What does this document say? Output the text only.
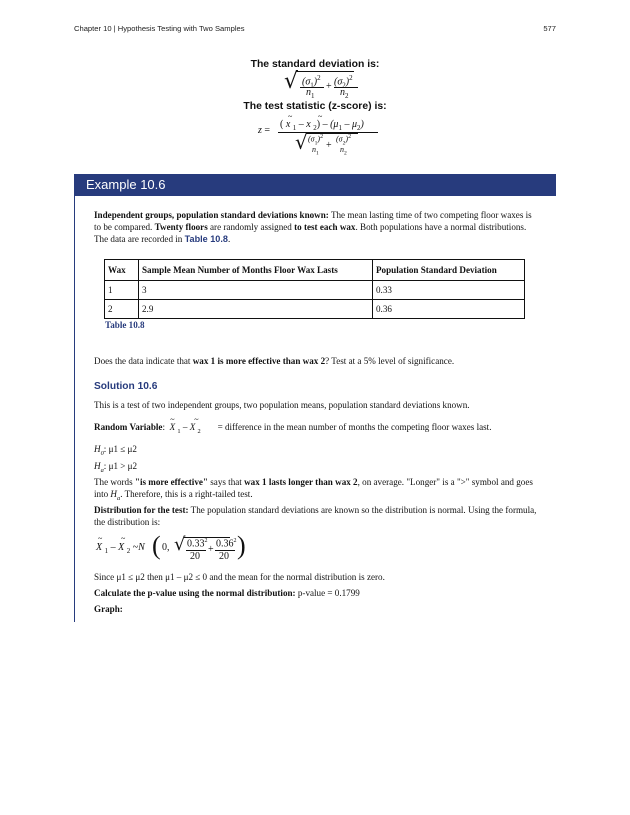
Chapter 10 | Hypothesis Testing with Two Samples	577
The standard deviation is:
√ $(\sigma_1)^2$
$n_1$
+ $(\sigma_2)^2$
$n_2$
The test statistic (z-score) is:
z =
~	~
( x $_1$ – x $_2) - (\mu_1 - \mu_2)$
√ $(\sigma_1)^2$
$n_1$
+
$(\sigma_2)^2$
$n_2$
Example 10.6
Independent groups, population standard deviations known: The mean lasting time of two competing floor waxes is to be compared. Twenty floors are randomly assigned to test each wax. Both populations have a normal distributions. The data are recorded in Table 10.8.
Wax	Sample Mean Number of Months Floor Wax Lasts	Population Standard Deviation
1	3	0.33
2	2.9	0.36
Table 10.8
Does the data indicate that wax 1 is more effective than wax 2? Test at a 5% level of significance.
Solution 10.6
This is a test of two independent groups, two population means, population standard deviations known.
Random Variable:
~ ~
X $_1$ – X $_2$ = difference in the mean number of months the competing floor waxes last.
$H_0$: μ1 ≤ μ2
$H_a$: μ1 > μ2
The words "is more effective" says that wax 1 lasts longer than wax 2, on average. "Longer" is a ">" symbol and goes into $H_a$. Therefore, this is a right-tailed test.
Distribution for the test: The population standard deviations are known so the distribution is normal. Using the formula, the distribution is:
~ ~
X $_1$ – X $_2$ ~N ( 0, √ 0.33$^2$
20
+
$0.36^2$
20 )
Since μ1 ≤ μ2 then μ1 – μ2 ≤ 0 and the mean for the normal distribution is zero.
Calculate the p-value using the normal distribution: p-value = 0.1799
Graph:
